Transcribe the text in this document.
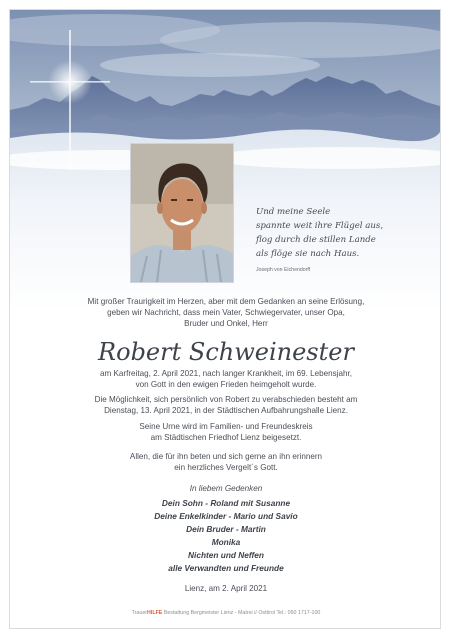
Und meine Seele
spannte weit ihre Flügel aus,
flog durch die stillen Lande
als flöge sie nach Haus.
Joseph von Eichendorff
Mit großer Traurigkeit im Herzen, aber mit dem Gedanken an seine Erlösung,
geben wir Nachricht, dass mein Vater, Schwiegervater, unser Opa,
Bruder und Onkel, Herr
Robert Schweinester
am Karfreitag, 2. April 2021, nach langer Krankheit, im 69. Lebensjahr,
von Gott in den ewigen Frieden heimgeholt wurde.
Die Möglichkeit, sich persönlich von Robert zu verabschieden besteht am
Dienstag, 13. April 2021, in der Städtischen Aufbahrungshalle Lienz.
Seine Urne wird im Familien- und Freundeskreis
am Städtischen Friedhof Lienz beigesetzt.
Allen, die für ihn beten und sich gerne an ihn erinnern
ein herzliches Vergelt´s Gott.
In liebem Gedenken
Dein Sohn - Roland mit Susanne
Deine Enkelkinder - Mario und Savio
Dein Bruder - Martin
Monika
Nichten und Neffen
alle Verwandten und Freunde
Lienz, am 2. April 2021
TrauerHILFE Bestattung Bergmeister Lienz - Matrei i/ Osttirol Tel.: 050 1717-100
